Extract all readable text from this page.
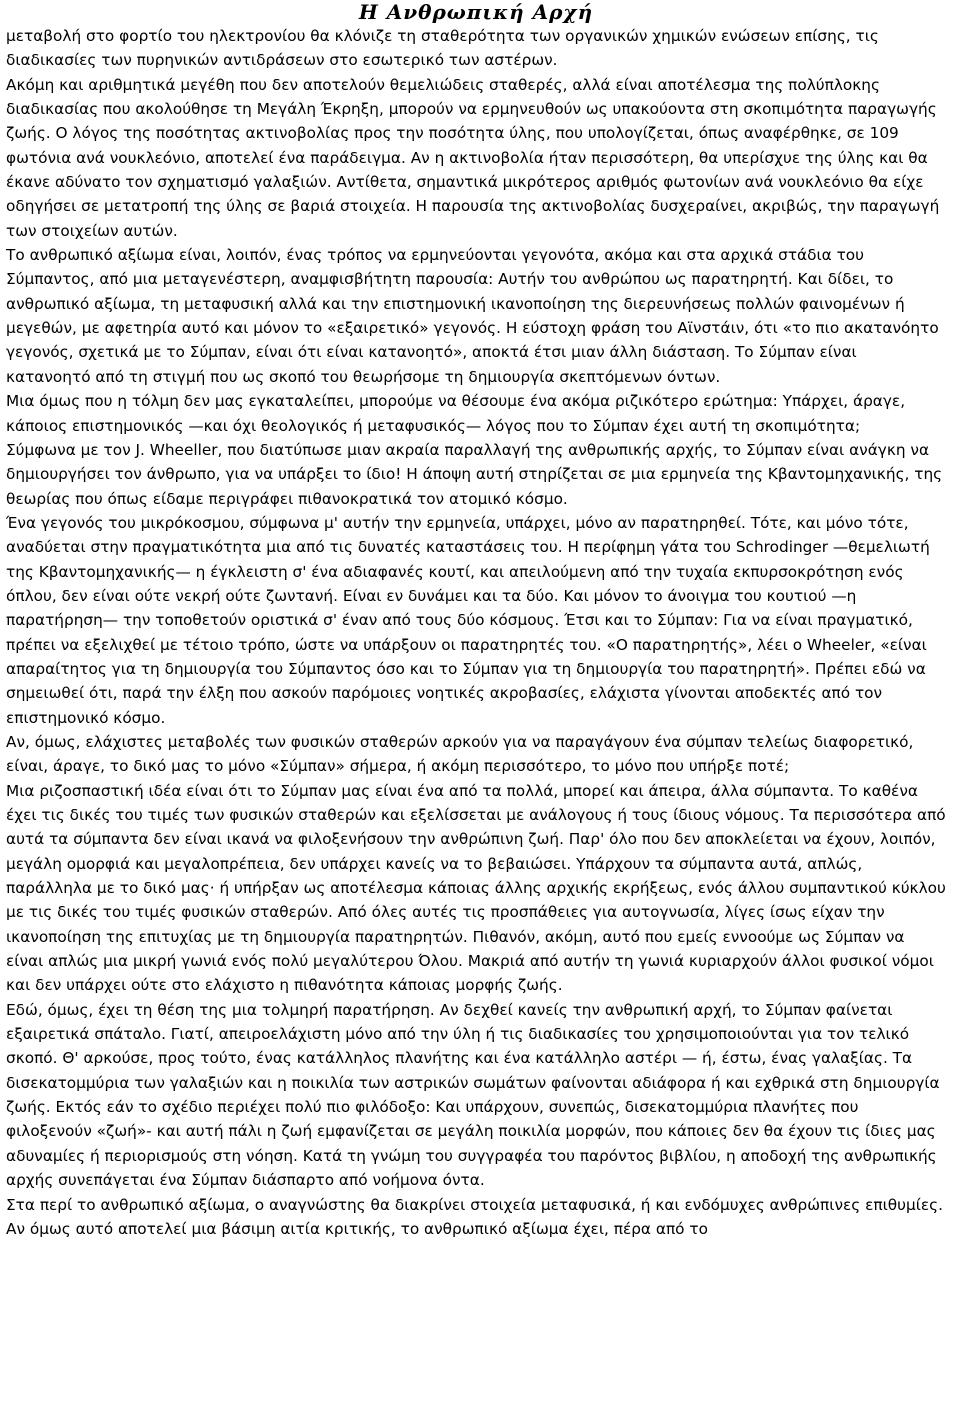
Η Ανθρωπική Αρχή

μεταβολή στο φορτίο του ηλεκτρονίου θα κλόνιζε τη σταθερότητα των οργανικών χημικών ενώσεων επίσης, τις διαδικασίες των πυρηνικών αντιδράσεων στο εσωτερικό των αστέρων.

Ακόμη και αριθμητικά μεγέθη που δεν αποτελούν θεμελιώδεις σταθερές, αλλά είναι αποτέλεσμα της πολύπλοκης διαδικασίας που ακολούθησε τη Μεγάλη Έκρηξη, μπορούν να ερμηνευθούν ως υπακούοντα στη σκοπιμότητα παραγωγής ζωής. Ο λόγος της ποσότητας ακτινοβολίας προς την ποσότητα ύλης, που υπολογίζεται, όπως αναφέρθηκε, σε 109 φωτόνια ανά νουκλεόνιο, αποτελεί ένα παράδειγμα. Αν η ακτινοβολία ήταν περισσότερη, θα υπερίσχυε της ύλης και θα έκανε αδύνατο τον σχηματισμό γαλαξιών. Αντίθετα, σημαντικά μικρότερος αριθμός φωτονίων ανά νουκλεόνιο θα είχε οδηγήσει σε μετατροπή της ύλης σε βαριά στοιχεία. Η παρουσία της ακτινοβολίας δυσχεραίνει, ακριβώς, την παραγωγή των στοιχείων αυτών.

Το ανθρωπικό αξίωμα είναι, λοιπόν, ένας τρόπος να ερμηνεύονται γεγονότα, ακόμα και στα αρχικά στάδια του Σύμπαντος, από μια μεταγενέστερη, αναμφισβήτητη παρουσία: Αυτήν του ανθρώπου ως παρατηρητή. Και δίδει, το ανθρωπικό αξίωμα, τη μεταφυσική αλλά και την επιστημονική ικανοποίηση της διερευνήσεως πολλών φαινομένων ή μεγεθών, με αφετηρία αυτό και μόνον το «εξαιρετικό» γεγονός. Η εύστοχη φράση του Αϊνστάιν, ότι «το πιο ακατανόητο γεγονός, σχετικά με το Σύμπαν, είναι ότι είναι κατανοητό», αποκτά έτσι μιαν άλλη διάσταση. Το Σύμπαν είναι κατανοητό από τη στιγμή που ως σκοπό του θεωρήσομε τη δημιουργία σκεπτόμενων όντων.

Μια όμως που η τόλμη δεν μας εγκαταλείπει, μπορούμε να θέσουμε ένα ακόμα ριζικότερο ερώτημα: Υπάρχει, άραγε, κάποιος επιστημονικός —και όχι θεολογικός ή μεταφυσικός— λόγος που το Σύμπαν έχει αυτή τη σκοπιμότητα;

Σύμφωνα με τον J. Wheeller, που διατύπωσε μιαν ακραία παραλλαγή της ανθρωπικής αρχής, το Σύμπαν είναι ανάγκη να δημιουργήσει τον άνθρωπο, για να υπάρξει το ίδιο! Η άποψη αυτή στηρίζεται σε μια ερμηνεία της Κβαντομηχανικής, της θεωρίας που όπως είδαμε περιγράφει πιθανοκρατικά τον ατομικό κόσμο.

Ένα γεγονός του μικρόκοσμου, σύμφωνα μ' αυτήν την ερμηνεία, υπάρχει, μόνο αν παρατηρηθεί. Τότε, και μόνο τότε, αναδύεται στην πραγματικότητα μια από τις δυνατές καταστάσεις του. Η περίφημη γάτα του Schrodinger —θεμελιωτή της Κβαντομηχανικής— η έγκλειστη σ' ένα αδιαφανές κουτί, και απειλούμενη από την τυχαία εκπυρσοκρότηση ενός όπλου, δεν είναι ούτε νεκρή ούτε ζωντανή. Είναι εν δυνάμει και τα δύο. Και μόνον το άνοιγμα του κουτιού —η παρατήρηση— την τοποθετούν οριστικά σ' έναν από τους δύο κόσμους. Έτσι και το Σύμπαν: Για να είναι πραγματικό, πρέπει να εξελιχθεί με τέτοιο τρόπο, ώστε να υπάρξουν οι παρατηρητές του. «Ο παρατηρητής», λέει ο Wheeler, «είναι απαραίτητος για τη δημιουργία του Σύμπαντος όσο και το Σύμπαν για τη δημιουργία του παρατηρητή». Πρέπει εδώ να σημειωθεί ότι, παρά την έλξη που ασκούν παρόμοιες νοητικές ακροβασίες, ελάχιστα γίνονται αποδεκτές από τον επιστημονικό κόσμο.

Αν, όμως, ελάχιστες μεταβολές των φυσικών σταθερών αρκούν για να παραγάγουν ένα σύμπαν τελείως διαφορετικό, είναι, άραγε, το δικό μας το μόνο «Σύμπαν» σήμερα, ή ακόμη περισσότερο, το μόνο που υπήρξε ποτέ;

Μια ριζοσπαστική ιδέα είναι ότι το Σύμπαν μας είναι ένα από τα πολλά, μπορεί και άπειρα, άλλα σύμπαντα. Το καθένα έχει τις δικές του τιμές των φυσικών σταθερών και εξελίσσεται με ανάλογους ή τους ίδιους νόμους. Τα περισσότερα από αυτά τα σύμπαντα δεν είναι ικανά να φιλοξενήσουν την ανθρώπινη ζωή. Παρ' όλο που δεν αποκλείεται να έχουν, λοιπόν, μεγάλη ομορφιά και μεγαλοπρέπεια, δεν υπάρχει κανείς να το βεβαιώσει. Υπάρχουν τα σύμπαντα αυτά, απλώς, παράλληλα με το δικό μας· ή υπήρξαν ως αποτέλεσμα κάποιας άλλης αρχικής εκρήξεως, ενός άλλου συμπαντικού κύκλου με τις δικές του τιμές φυσικών σταθερών. Από όλες αυτές τις προσπάθειες για αυτογνωσία, λίγες ίσως είχαν την ικανοποίηση της επιτυχίας με τη δημιουργία παρατηρητών. Πιθανόν, ακόμη, αυτό που εμείς εννοούμε ως Σύμπαν να είναι απλώς μια μικρή γωνιά ενός πολύ μεγαλύτερου Όλου. Μακριά από αυτήν τη γωνιά κυριαρχούν άλλοι φυσικοί νόμοι και δεν υπάρχει ούτε στο ελάχιστο η πιθανότητα κάποιας μορφής ζωής.

Εδώ, όμως, έχει τη θέση της μια τολμηρή παρατήρηση. Αν δεχθεί κανείς την ανθρωπική αρχή, το Σύμπαν φαίνεται εξαιρετικά σπάταλο. Γιατί, απειροελάχιστη μόνο από την ύλη ή τις διαδικασίες του χρησιμοποιούνται για τον τελικό σκοπό. Θ' αρκούσε, προς τούτο, ένας κατάλληλος πλανήτης και ένα κατάλληλο αστέρι — ή, έστω, ένας γαλαξίας. Τα δισεκατομμύρια των γαλαξιών και η ποικιλία των αστρικών σωμάτων φαίνονται αδιάφορα ή και εχθρικά στη δημιουργία ζωής. Εκτός εάν το σχέδιο περιέχει πολύ πιο φιλόδοξο: Και υπάρχουν, συνεπώς, δισεκατομμύρια πλανήτες που φιλοξενούν «ζωή»- και αυτή πάλι η ζωή εμφανίζεται σε μεγάλη ποικιλία μορφών, που κάποιες δεν θα έχουν τις ίδιες μας αδυναμίες ή περιορισμούς στη νόηση. Κατά τη γνώμη του συγγραφέα του παρόντος βιβλίου, η αποδοχή της ανθρωπικής αρχής συνεπάγεται ένα Σύμπαν διάσπαρτο από νοήμονα όντα.

Στα περί το ανθρωπικό αξίωμα, ο αναγνώστης θα διακρίνει στοιχεία μεταφυσικά, ή και ενδόμυχες ανθρώπινες επιθυμίες. Αν όμως αυτό αποτελεί μια βάσιμη αιτία κριτικής, το ανθρωπικό αξίωμα έχει, πέρα από το
